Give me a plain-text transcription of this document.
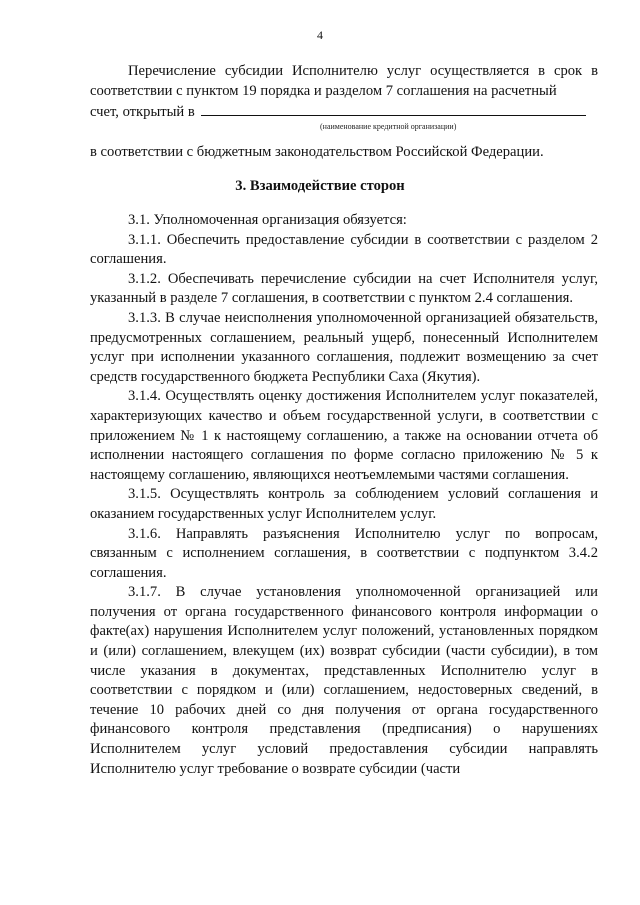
4

Перечисление субсидии Исполнителю услуг осуществляется в срок в соответствии с пунктом 19 порядка и разделом 7 соглашения на расчетный

счет, открытый в
(наименование кредитной организации)

в соответствии с бюджетным законодательством Российской Федерации.

3. Взаимодействие сторон

3.1. Уполномоченная организация обязуется:

3.1.1. Обеспечить предоставление субсидии в соответствии с разделом 2 соглашения.

3.1.2. Обеспечивать перечисление субсидии на счет Исполнителя услуг, указанный в разделе 7 соглашения, в соответствии с пунктом 2.4 соглашения.

3.1.3. В случае неисполнения уполномоченной организацией обязательств, предусмотренных соглашением, реальный ущерб, понесенный Исполнителем услуг при исполнении указанного соглашения, подлежит возмещению за счет средств государственного бюджета Республики Саха (Якутия).

3.1.4. Осуществлять оценку достижения Исполнителем услуг показателей, характеризующих качество и объем государственной услуги, в соответствии с приложением № 1 к настоящему соглашению, а также на основании отчета об исполнении настоящего соглашения по форме согласно приложению № 5 к настоящему соглашению, являющихся неотъемлемыми частями соглашения.

3.1.5. Осуществлять контроль за соблюдением условий соглашения и оказанием государственных услуг Исполнителем услуг.

3.1.6. Направлять разъяснения Исполнителю услуг по вопросам, связанным с исполнением соглашения, в соответствии с подпунктом 3.4.2 соглашения.

3.1.7. В случае установления уполномоченной организацией или получения от органа государственного финансового контроля информации о факте(ах) нарушения Исполнителем услуг положений, установленных порядком и (или) соглашением, влекущем (их) возврат субсидии (части субсидии), в том числе указания в документах, представленных Исполнителю услуг в соответствии с порядком и (или) соглашением, недостоверных сведений, в течение 10 рабочих дней со дня получения от органа государственного финансового контроля представления (предписания) о нарушениях Исполнителем услуг условий предоставления субсидии направлять Исполнителю услуг требование о возврате субсидии (части
